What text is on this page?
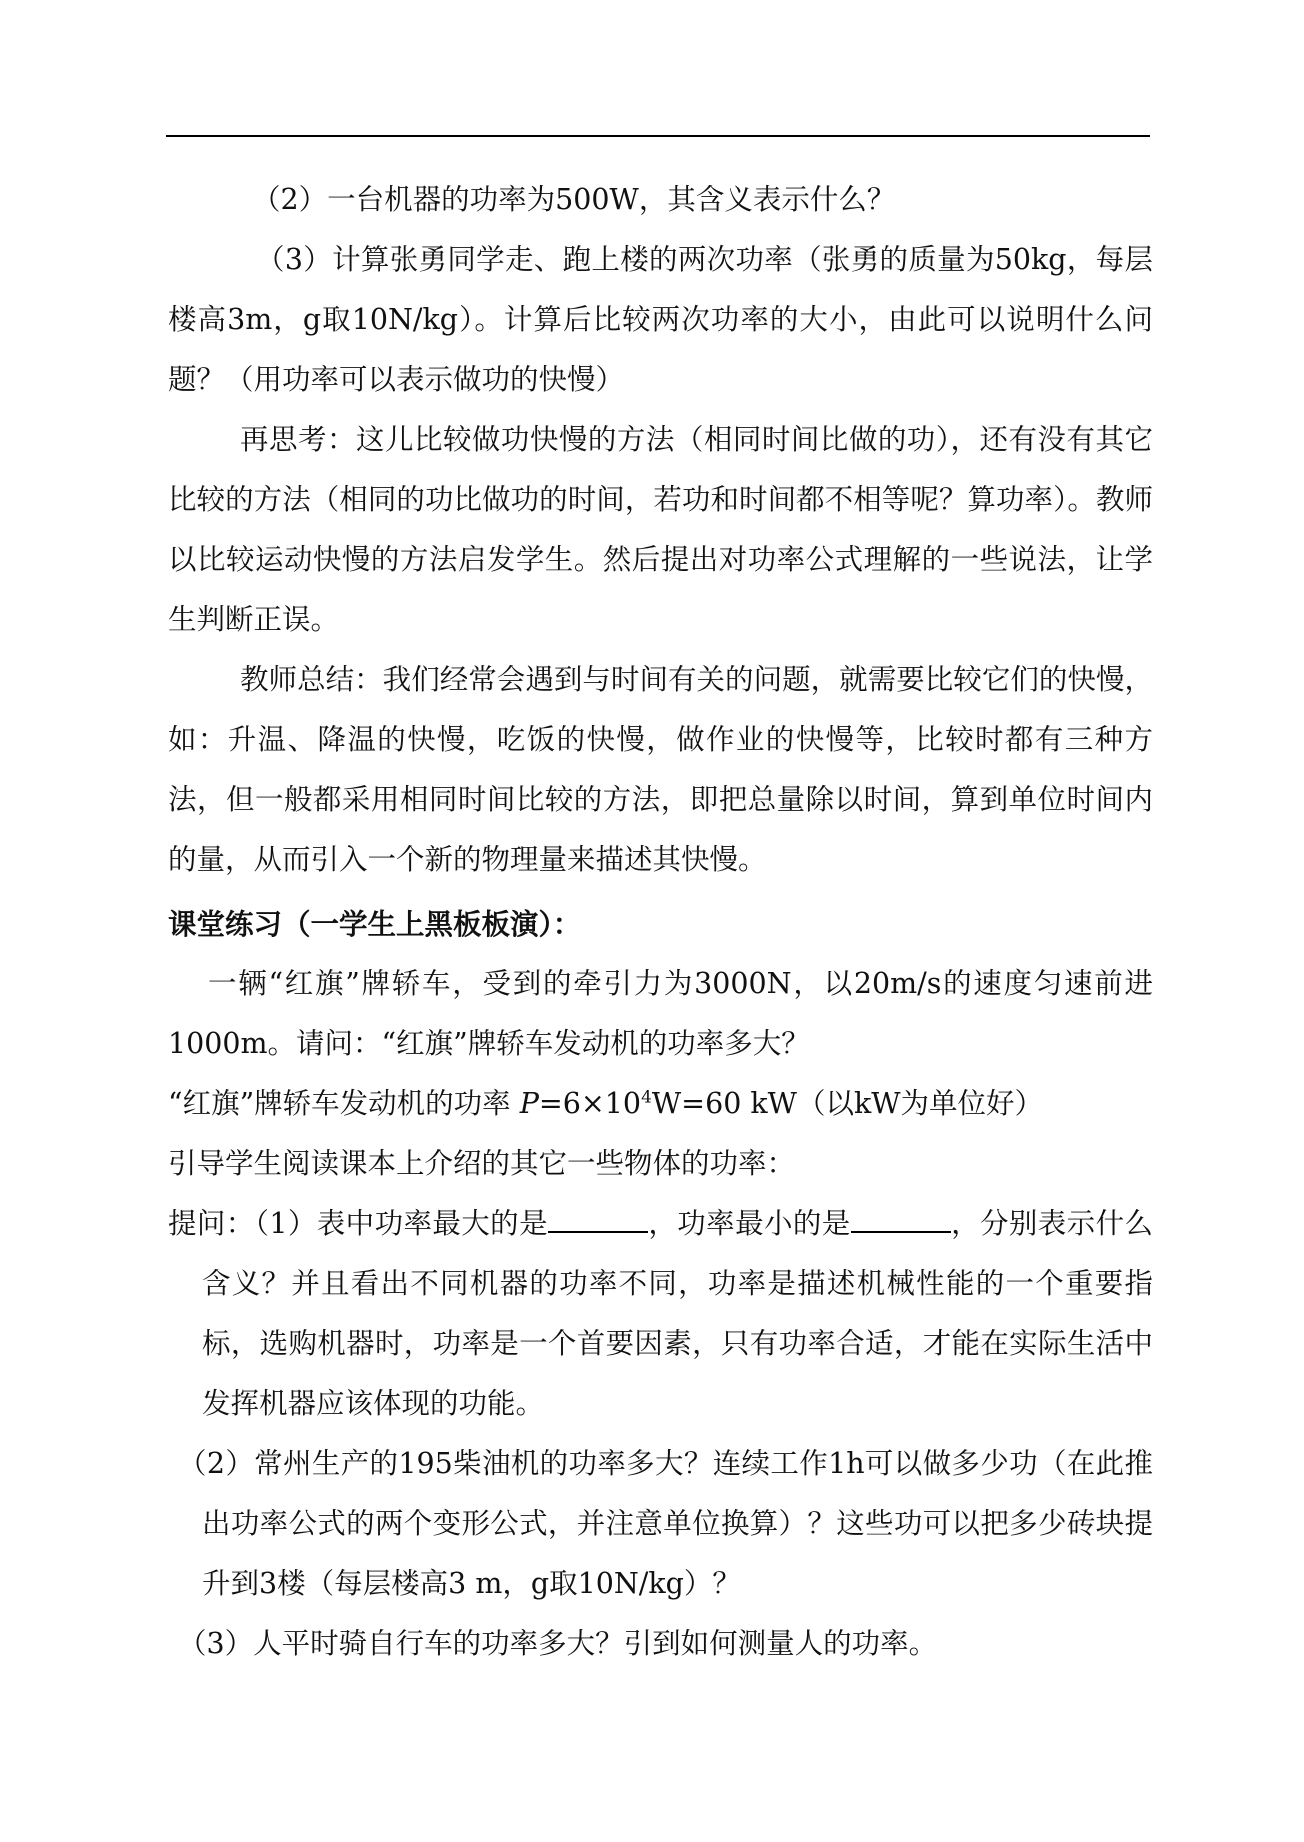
（2）一台机器的功率为500W，其含义表示什么？

（3）计算张勇同学走、跑上楼的两次功率（张勇的质量为50kg，每层楼高3m，g取10N/kg）。计算后比较两次功率的大小，由此可以说明什么问题？（用功率可以表示做功的快慢）

再思考：这儿比较做功快慢的方法（相同时间比做的功），还有没有其它比较的方法（相同的功比做功的时间，若功和时间都不相等呢？算功率）。教师以比较运动快慢的方法启发学生。然后提出对功率公式理解的一些说法，让学生判断正误。

教师总结：我们经常会遇到与时间有关的问题，就需要比较它们的快慢，如：升温、降温的快慢，吃饭的快慢，做作业的快慢等，比较时都有三种方法，但一般都采用相同时间比较的方法，即把总量除以时间，算到单位时间内的量，从而引入一个新的物理量来描述其快慢。

课堂练习（一学生上黑板板演）：

一辆“红旗”牌轿车，受到的牵引力为3000N，以20m/s的速度匀速前进1000m。请问：“红旗”牌轿车发动机的功率多大？

“红旗”牌轿车发动机的功率 $P=6\times 10^4W=60$ kW（以kW为单位好）

引导学生阅读课本上介绍的其它一些物体的功率：

提问：（1）表中功率最大的是	，功率最小的是	，分别表示什么含义？并且看出不同机器的功率不同，功率是描述机械性能的一个重要指标，选购机器时，功率是一个首要因素，只有功率合适，才能在实际生活中发挥机器应该体现的功能。

（2）常州生产的195柴油机的功率多大？连续工作1h可以做多少功（在此推出功率公式的两个变形公式，并注意单位换算）？这些功可以把多少砖块提升到3楼（每层楼高3 m，g取10N/kg）？

（3）人平时骑自行车的功率多大？引到如何测量人的功率。
